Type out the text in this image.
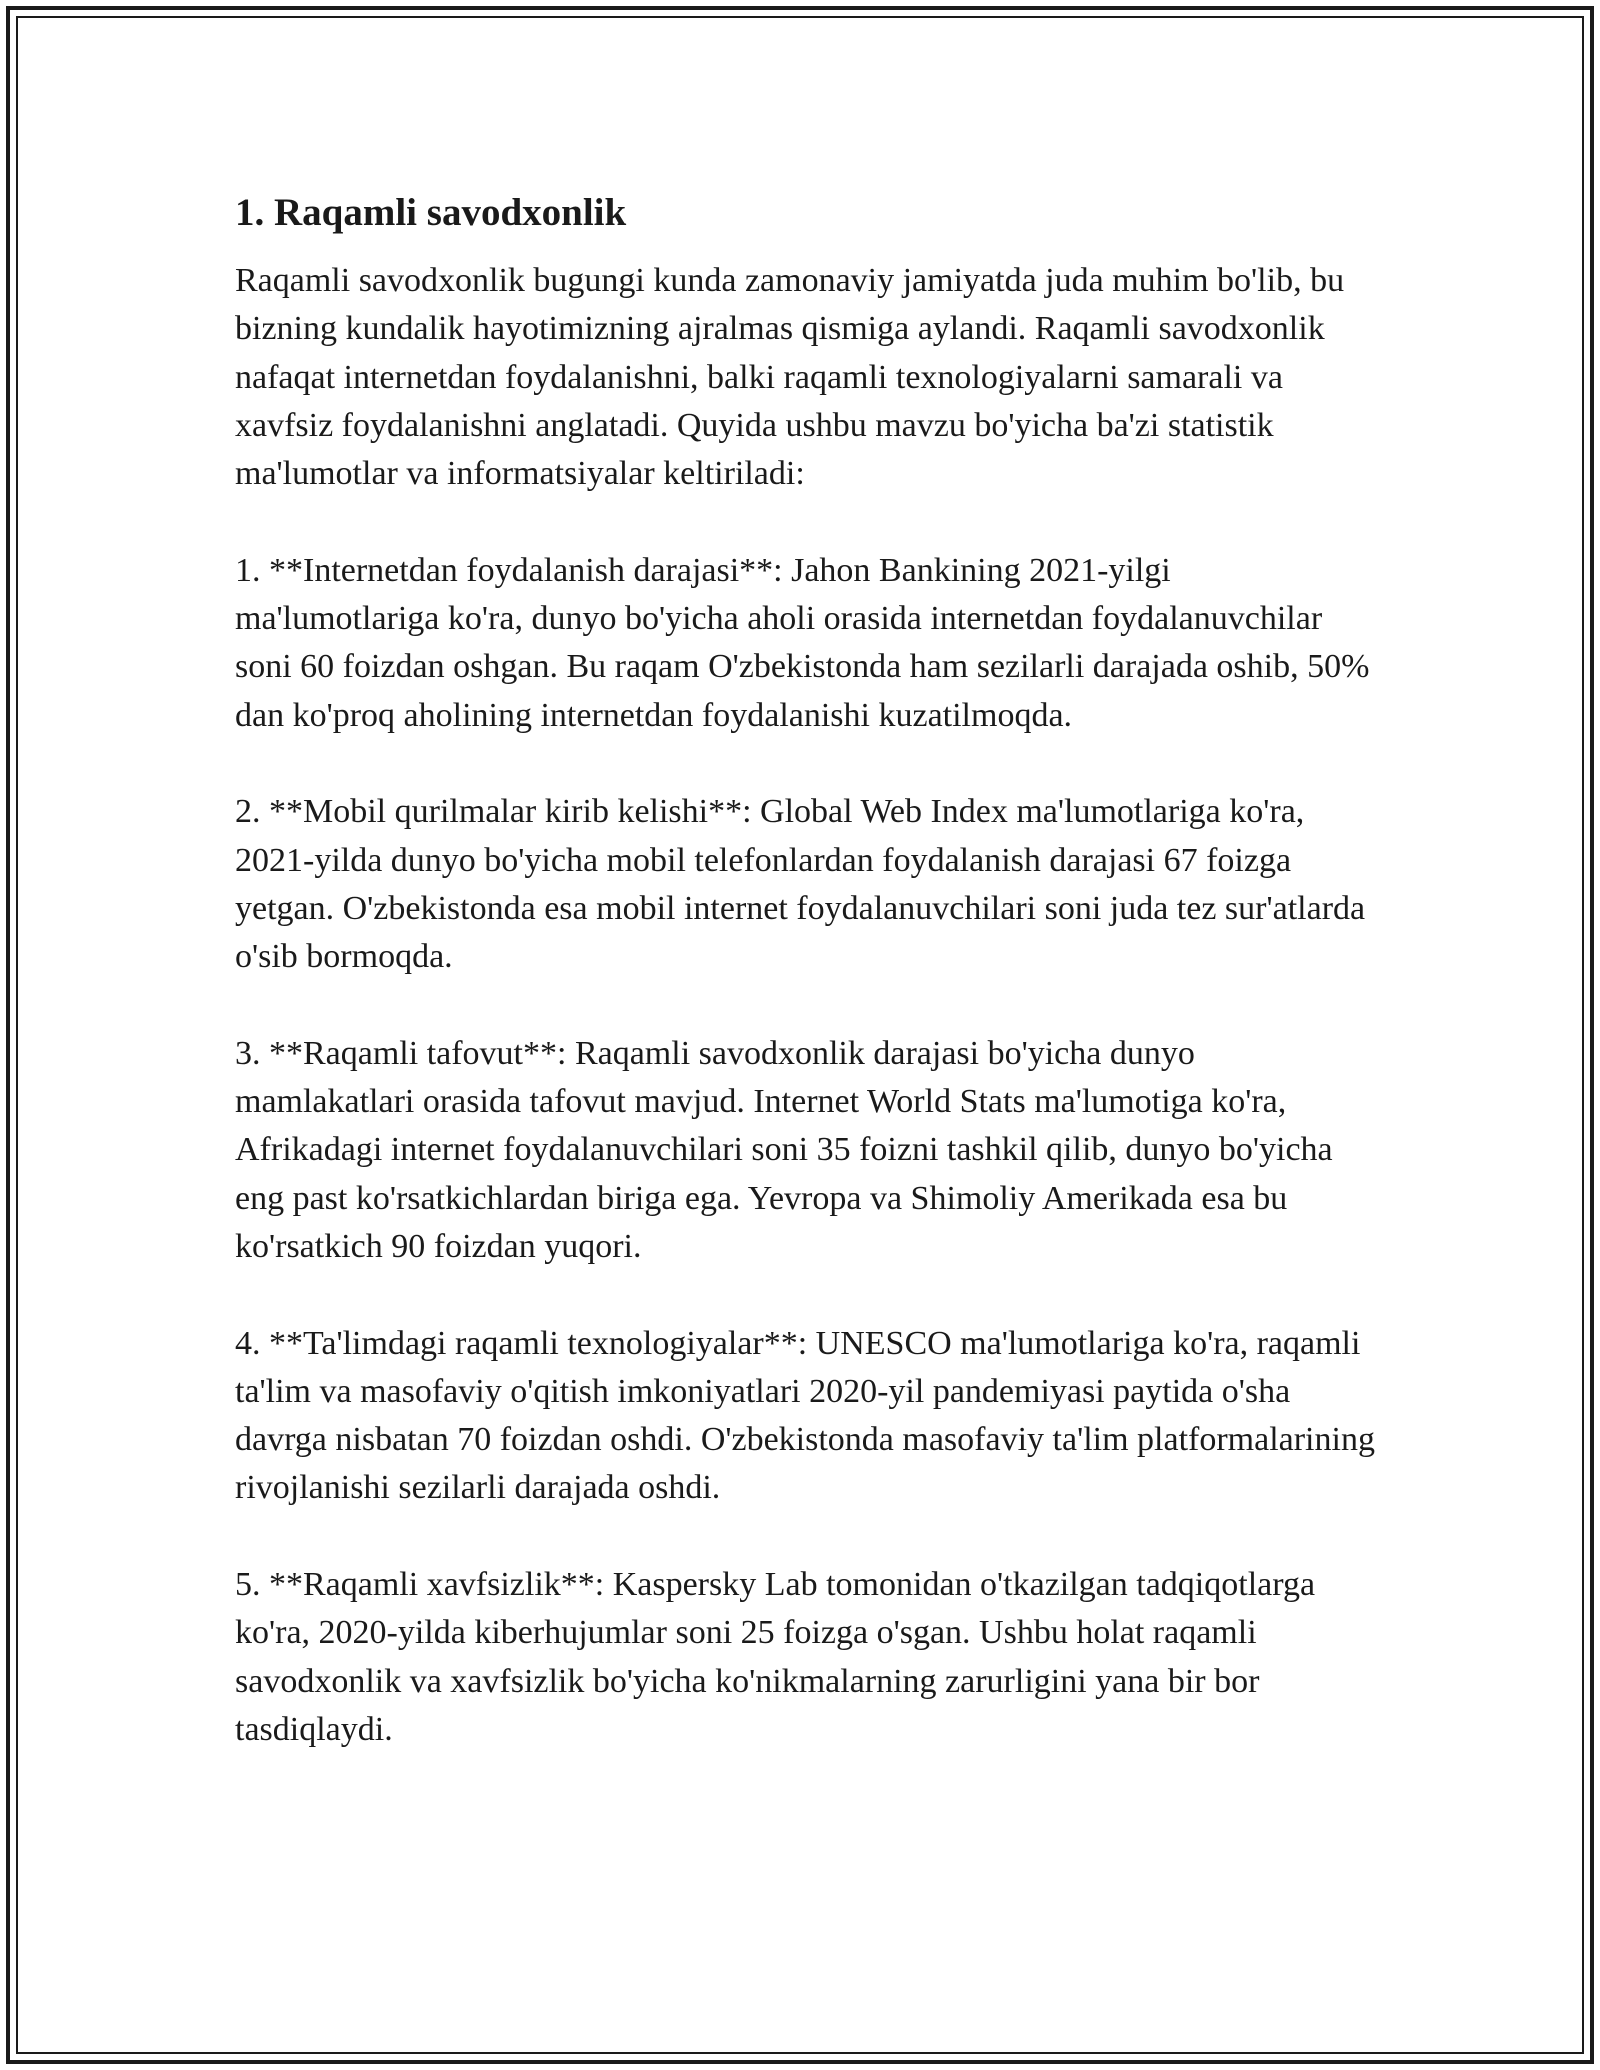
1. Raqamli savodxonlik

Raqamli savodxonlik bugungi kunda zamonaviy jamiyatda juda muhim bo'lib, bu bizning kundalik hayotimizning ajralmas qismiga aylandi. Raqamli savodxonlik nafaqat internetdan foydalanishni, balki raqamli texnologiyalarni samarali va xavfsiz foydalanishni anglatadi. Quyida ushbu mavzu bo'yicha ba'zi statistik ma'lumotlar va informatsiyalar keltiriladi:

1. **Internetdan foydalanish darajasi**: Jahon Bankining 2021-yilgi ma'lumotlariga ko'ra, dunyo bo'yicha aholi orasida internetdan foydalanuvchilar soni 60 foizdan oshgan. Bu raqam O'zbekistonda ham sezilarli darajada oshib, 50% dan ko'proq aholining internetdan foydalanishi kuzatilmoqda.

2. **Mobil qurilmalar kirib kelishi**: Global Web Index ma'lumotlariga ko'ra, 2021-yilda dunyo bo'yicha mobil telefonlardan foydalanish darajasi 67 foizga yetgan. O'zbekistonda esa mobil internet foydalanuvchilari soni juda tez sur'atlarda o'sib bormoqda.

3. **Raqamli tafovut**: Raqamli savodxonlik darajasi bo'yicha dunyo mamlakatlari orasida tafovut mavjud. Internet World Stats ma'lumotiga ko'ra, Afrikadagi internet foydalanuvchilari soni 35 foizni tashkil qilib, dunyo bo'yicha eng past ko'rsatkichlardan biriga ega. Yevropa va Shimoliy Amerikada esa bu ko'rsatkich 90 foizdan yuqori.

4. **Ta'limdagi raqamli texnologiyalar**: UNESCO ma'lumotlariga ko'ra, raqamli ta'lim va masofaviy o'qitish imkoniyatlari 2020-yil pandemiyasi paytida o'sha davrga nisbatan 70 foizdan oshdi. O'zbekistonda masofaviy ta'lim platformalarining rivojlanishi sezilarli darajada oshdi.

5. **Raqamli xavfsizlik**: Kaspersky Lab tomonidan o'tkazilgan tadqiqotlarga ko'ra, 2020-yilda kiberhujumlar soni 25 foizga o'sgan. Ushbu holat raqamli savodxonlik va xavfsizlik bo'yicha ko'nikmalarning zarurligini yana bir bor tasdiqlaydi.
